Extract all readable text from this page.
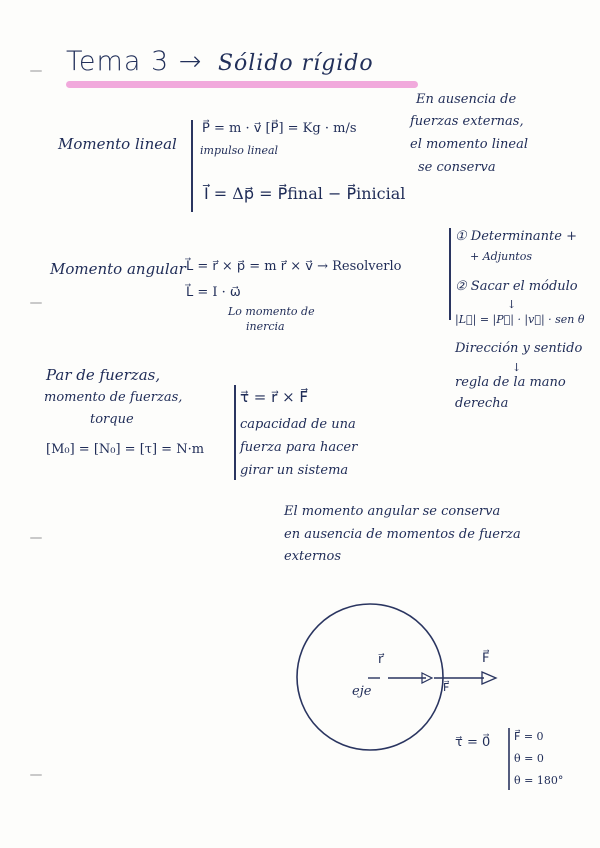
Tema 3 → Sólido rígido
En ausencia de
fuerzas externas,
el momento lineal
se conserva
Momento lineal
P⃗ = m · v⃗ [P⃗] = Kg · m/s
impulso lineal
I⃗ = Δp⃗ = P⃗final − P⃗inicial
Momento angular L⃗ = r⃗ × p⃗ = m r⃗ × v⃗ → Resolverlo
L⃗ = I · ω⃗
Lo momento de
inercia
① Determinante +
+ Adjuntos
② Sacar el módulo
↓
|L⃗| = |P⃗| · |v⃗| · sen θ
Dirección y sentido
↓
regla de la mano
derecha
Par de fuerzas,
momento de fuerzas,
torque
[M₀] = [N₀] = [τ] = N·m
τ⃗ = r⃗ × F⃗
capacidad de una
fuerza para hacer
girar un sistema
El momento angular se conserva
en ausencia de momentos de fuerza
externos
r⃗	F⃗
F⃗
eje
τ⃗ = 0⃗ F⃗ = 0
θ = 0
θ = 180°
